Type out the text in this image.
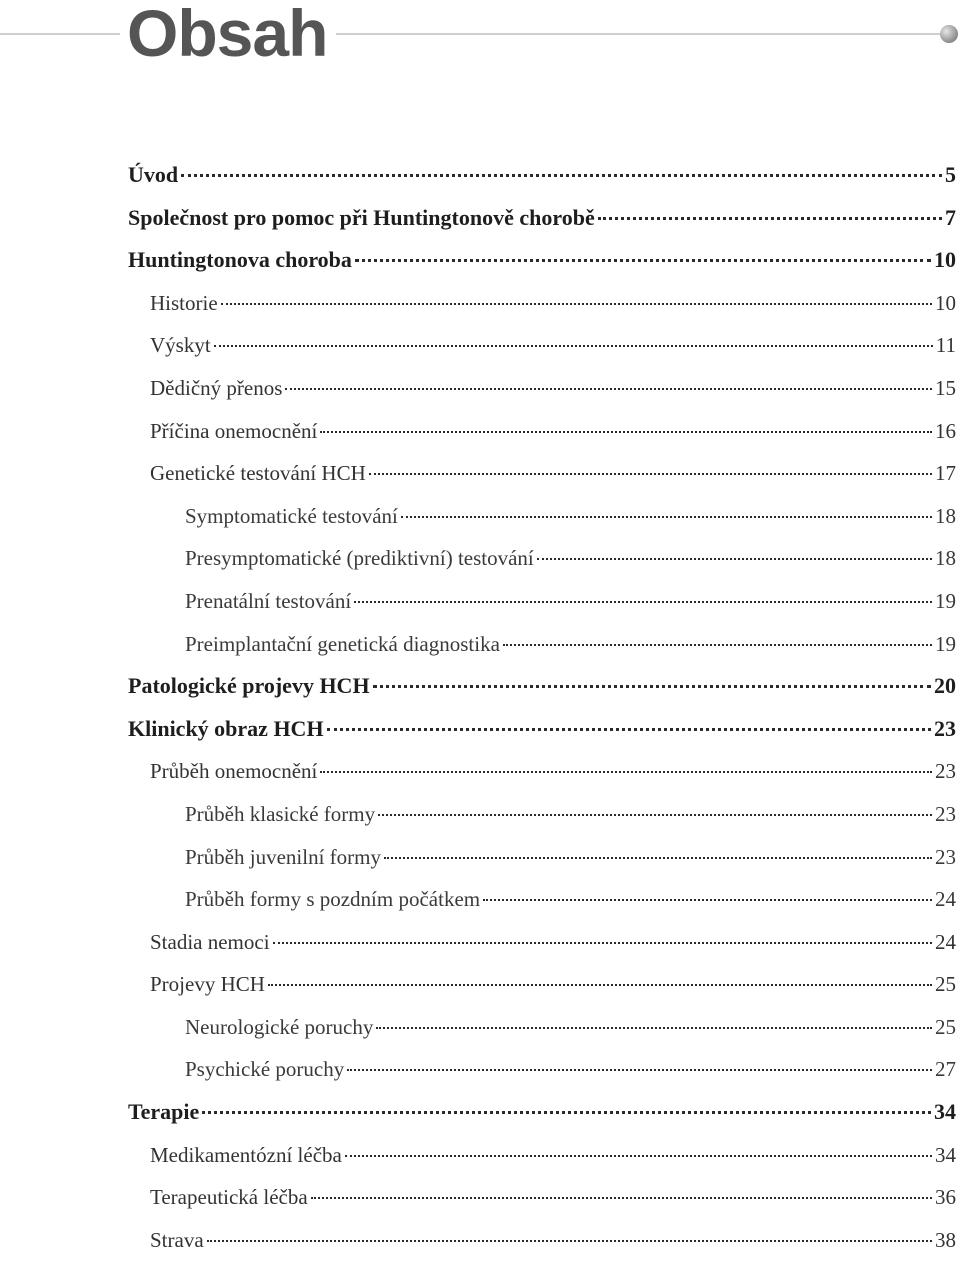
Obsah
Úvod	5
Společnost pro pomoc při Huntingtonově chorobě	7
Huntingtonova choroba	10
Historie	10
Výskyt	11
Dědičný přenos	15
Příčina onemocnění	16
Genetické testování HCH	17
Symptomatické testování	18
Presymptomatické (prediktivní) testování	18
Prenatální testování	19
Preimplantační genetická diagnostika	19
Patologické projevy HCH	20
Klinický obraz HCH	23
Průběh onemocnění	23
Průběh klasické formy	23
Průběh juvenilní formy	23
Průběh formy s pozdním počátkem	24
Stadia nemoci	24
Projevy HCH	25
Neurologické poruchy	25
Psychické poruchy	27
Terapie	34
Medikamentózní léčba	34
Terapeutická léčba	36
Strava	38
